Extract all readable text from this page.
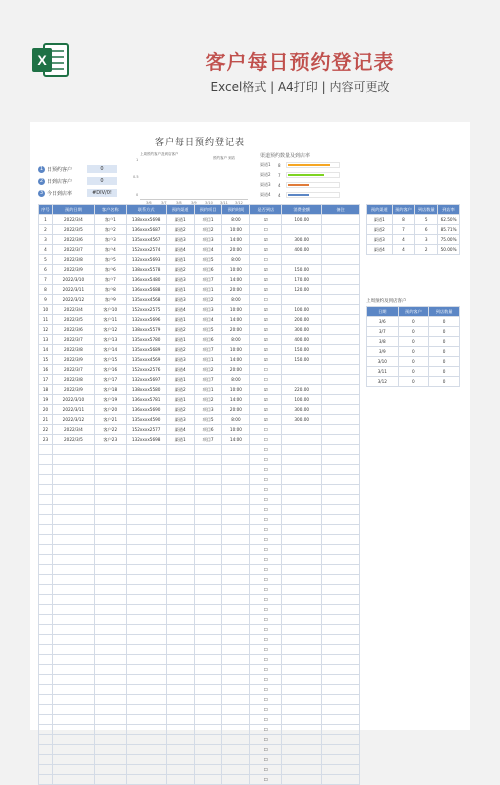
X	客户每日预约登记表
Excel格式 | A4打印 | 内容可更改
客户每日预约登记表
1 日预约客户	0
2 日到店客户	0
3 今日到店率	#DIV/0!
上周预约客户及到店客户
预约客户 到店
1
0.5
0
3/6	3/7	3/8	3/9 3/10 3/11 3/12
渠道预约数量及到店率
渠道1	8
渠道2	7
渠道3	4
渠道4	4
序号	预约日期	客户名称	联系方式	预约渠道	预约项目	预约时间	是否到店	消费金额	备注
1	2022/3/4	客户1	138xxxx5698	渠道1	项目1	8:00	☑	100.00	
2	2022/3/5	客户2	136xxxx5687	渠道2	项目2	10:00	☐		
3	2022/3/6	客户3	135xxxx4567	渠道3	项目3	14:00	☑	300.00	
4	2022/3/7	客户4	152xxxx2574	渠道4	项目4	20:00	☑	400.00	
5	2022/3/8	客户5	132xxxx5693	渠道1	项目5	8:00	☐		
6	2022/3/9	客户6	138xxxx5578	渠道2	项目6	10:00	☑	150.00	
7	2022/3/10	客户7	136xxxx5480	渠道3	项目7	14:00	☑	170.00	
8	2022/3/11	客户8	136xxxx5688	渠道1	项目1	20:00	☑	120.00	
9	2022/3/12	客户9	135xxxx4568	渠道3	项目2	8:00	☐		
10	2022/3/4	客户10	152xxxx2575	渠道4	项目3	10:00	☑	100.00	
11	2022/3/5	客户11	132xxxx5696	渠道1	项目4	14:00	☑	200.00	
12	2022/3/6	客户12	138xxxx5579	渠道2	项目5	20:00	☑	300.00	
13	2022/3/7	客户13	135xxxx5780	渠道1	项目6	8:00	☑	400.00	
14	2022/3/8	客户14	135xxxx5689	渠道2	项目7	10:00	☑	150.00	
15	2022/3/9	客户15	135xxxx4569	渠道3	项目1	14:00	☑	150.00	
16	2022/3/7	客户16	152xxxx2576	渠道4	项目2	20:00	☐		
17	2022/3/8	客户17	132xxxx5697	渠道1	项目7	8:00	☐		
18	2022/3/9	客户18	138xxxx5580	渠道2	项目1	10:00	☑	220.00	
19	2022/3/10	客户19	136xxxx5781	渠道1	项目2	14:00	☑	100.00	
20	2022/3/11	客户20	136xxxx5690	渠道2	项目3	20:00	☑	300.00	
21	2022/3/12	客户21	135xxxx4590	渠道3	项目5	8:00	☑	300.00	
22	2022/3/4	客户22	152xxxx2577	渠道4	项目6	10:00	☐		
23	2022/3/5	客户23	132xxxx5698	渠道1	项目7	14:00	☐		
							☐		
							☐		
							☐		
							☐		
							☐		
							☐		
							☐		
							☐		
							☐		
							☐		
							☐		
							☐		
							☐		
							☐		
							☐		
							☐		
							☐		
							☐		
							☐		
							☐		
							☐		
							☐		
							☐		
							☐		
							☐		
							☐		
							☐		
							☐		
							☐		
							☐		
							☐		
							☐		
							☐		
							☐		
预约渠道	预约客户	到店数量	到店率
渠道1	8	5	62.50%
渠道2	7	6	85.71%
渠道3	4	3	75.00%
渠道4	4	2	50.00%
上周预约及到店客户
日期	预约客户	到店数量
3/6	0	0
3/7	0	0
3/8	0	0
3/9	0	0
3/10	0	0
3/11	0	0
3/12	0	0
